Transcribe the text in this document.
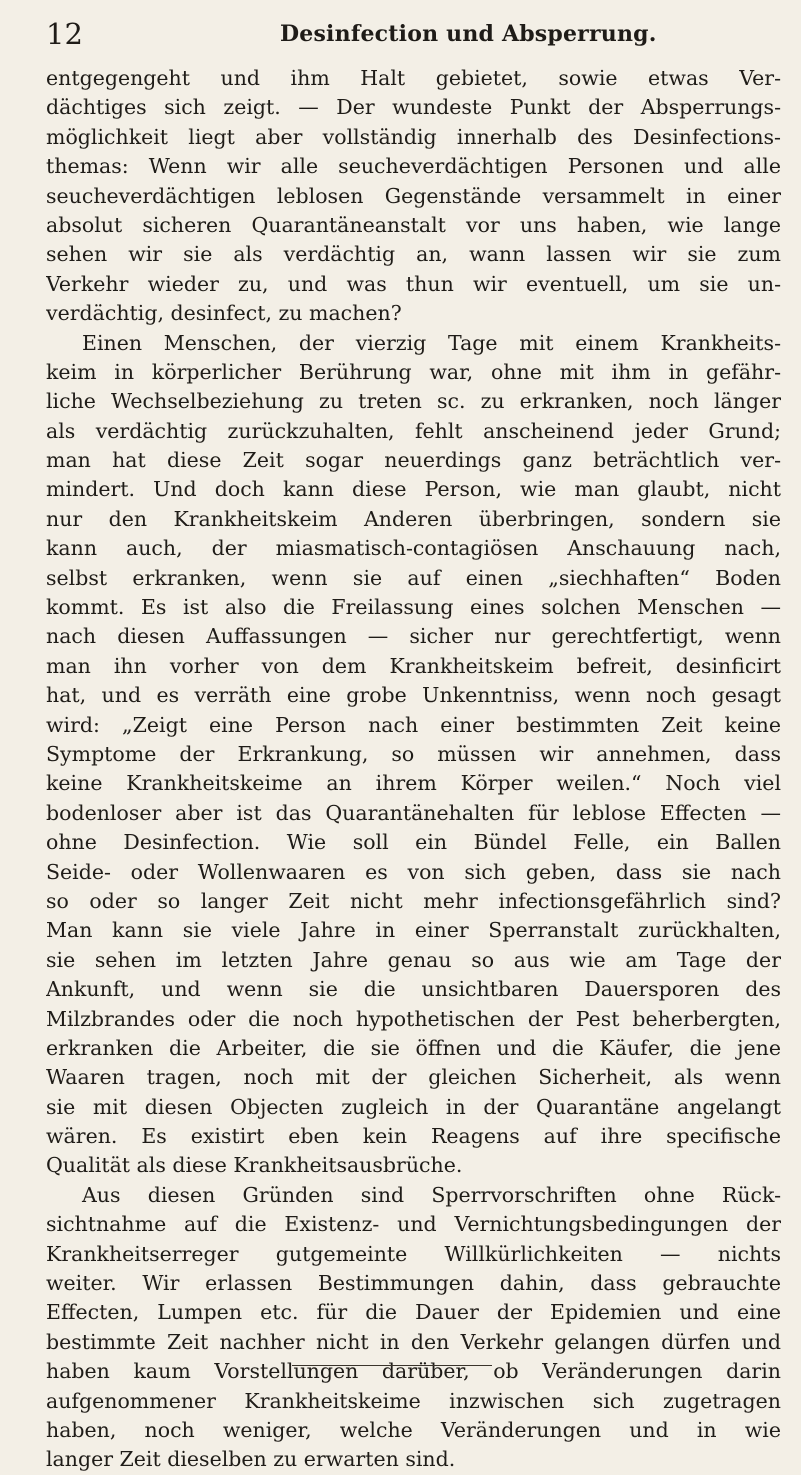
12	Desinfection und Absperrung.
entgegengeht und ihm Halt gebietet, sowie etwas Ver-
dächtiges sich zeigt. — Der wundeste Punkt der Absperrungs-
möglichkeit liegt aber vollständig innerhalb des Desinfections-
themas: Wenn wir alle seucheverdächtigen Personen und alle
seucheverdächtigen leblosen Gegenstände versammelt in einer
absolut sicheren Quarantäneanstalt vor uns haben, wie lange
sehen wir sie als verdächtig an, wann lassen wir sie zum
Verkehr wieder zu, und was thun wir eventuell, um sie un-
verdächtig, desinfect, zu machen?
Einen Menschen, der vierzig Tage mit einem Krankheits-
keim in körperlicher Berührung war, ohne mit ihm in gefähr-
liche Wechselbeziehung zu treten sc. zu erkranken, noch länger
als verdächtig zurückzuhalten, fehlt anscheinend jeder Grund;
man hat diese Zeit sogar neuerdings ganz beträchtlich ver-
mindert. Und doch kann diese Person, wie man glaubt, nicht
nur den Krankheitskeim Anderen überbringen, sondern sie
kann auch, der miasmatisch-contagiösen Anschauung nach,
selbst erkranken, wenn sie auf einen „siechhaften“ Boden
kommt. Es ist also die Freilassung eines solchen Menschen —
nach diesen Auffassungen — sicher nur gerechtfertigt, wenn
man ihn vorher von dem Krankheitskeim befreit, desinficirt
hat, und es verräth eine grobe Unkenntniss, wenn noch gesagt
wird: „Zeigt eine Person nach einer bestimmten Zeit keine
Symptome der Erkrankung, so müssen wir annehmen, dass
keine Krankheitskeime an ihrem Körper weilen.“ Noch viel
bodenloser aber ist das Quarantänehalten für leblose Effecten —
ohne Desinfection. Wie soll ein Bündel Felle, ein Ballen
Seide- oder Wollenwaaren es von sich geben, dass sie nach
so oder so langer Zeit nicht mehr infectionsgefährlich sind?
Man kann sie viele Jahre in einer Sperranstalt zurückhalten,
sie sehen im letzten Jahre genau so aus wie am Tage der
Ankunft, und wenn sie die unsichtbaren Dauersporen des
Milzbrandes oder die noch hypothetischen der Pest beherbergten,
erkranken die Arbeiter, die sie öffnen und die Käufer, die jene
Waaren tragen, noch mit der gleichen Sicherheit, als wenn
sie mit diesen Objecten zugleich in der Quarantäne angelangt
wären. Es existirt eben kein Reagens auf ihre specifische
Qualität als diese Krankheitsausbrüche.
Aus diesen Gründen sind Sperrvorschriften ohne Rück-
sichtnahme auf die Existenz- und Vernichtungsbedingungen der
Krankheitserreger gutgemeinte Willkürlichkeiten — nichts
weiter. Wir erlassen Bestimmungen dahin, dass gebrauchte
Effecten, Lumpen etc. für die Dauer der Epidemien und eine
bestimmte Zeit nachher nicht in den Verkehr gelangen dürfen und
haben kaum Vorstellungen darüber, ob Veränderungen darin
aufgenommener Krankheitskeime inzwischen sich zugetragen
haben, noch weniger, welche Veränderungen und in wie
langer Zeit dieselben zu erwarten sind.
